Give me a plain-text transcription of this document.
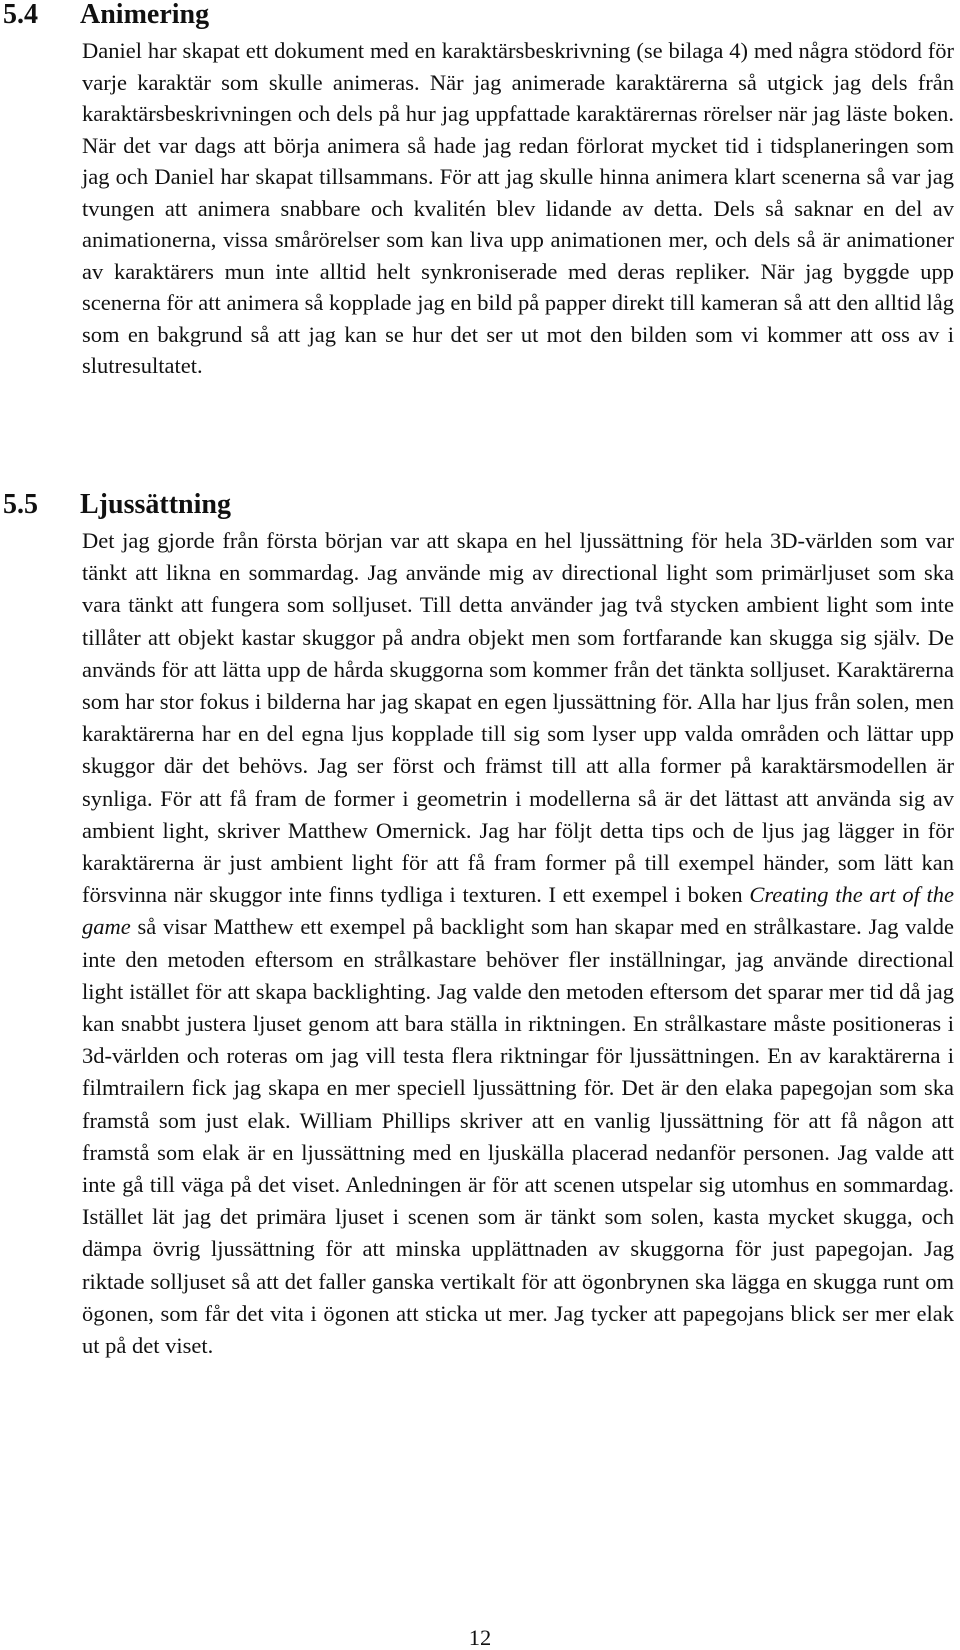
5.4 Animering

Daniel har skapat ett dokument med en karaktärsbeskrivning (se bilaga 4) med några stödord för varje karaktär som skulle animeras. När jag animerade karaktärerna så utgick jag dels från karaktärsbeskrivningen och dels på hur jag uppfattade karaktärernas rörelser när jag läste boken. När det var dags att börja animera så hade jag redan förlorat mycket tid i tidsplaneringen som jag och Daniel har skapat tillsammans. För att jag skulle hinna animera klart scenerna så var jag tvungen att animera snabbare och kvalitén blev lidande av detta. Dels så saknar en del av animationerna, vissa smårörelser som kan liva upp animationen mer, och dels så är animationer av karaktärers mun inte alltid helt synkroniserade med deras repliker. När jag byggde upp scenerna för att animera så kopplade jag en bild på papper direkt till kameran så att den alltid låg som en bakgrund så att jag kan se hur det ser ut mot den bilden som vi kommer att oss av i slutresultatet.

5.5 Ljussättning

Det jag gjorde från första början var att skapa en hel ljussättning för hela 3D-världen som var tänkt att likna en sommardag. Jag använde mig av directional light som primärljuset som ska vara tänkt att fungera som solljuset. Till detta använder jag två stycken ambient light som inte tillåter att objekt kastar skuggor på andra objekt men som fortfarande kan skugga sig själv. De används för att lätta upp de hårda skuggorna som kommer från det tänkta solljuset. Karaktärerna som har stor fokus i bilderna har jag skapat en egen ljussättning för. Alla har ljus från solen, men karaktärerna har en del egna ljus kopplade till sig som lyser upp valda områden och lättar upp skuggor där det behövs. Jag ser först och främst till att alla former på karaktärsmodellen är synliga. För att få fram de former i geometrin i modellerna så är det lättast att använda sig av ambient light, skriver Matthew Omernick. Jag har följt detta tips och de ljus jag lägger in för karaktärerna är just ambient light för att få fram former på till exempel händer, som lätt kan försvinna när skuggor inte finns tydliga i texturen. I ett exempel i boken Creating the art of the game så visar Matthew ett exempel på backlight som han skapar med en strålkastare. Jag valde inte den metoden eftersom en strålkastare behöver fler inställningar, jag använde directional light istället för att skapa backlighting. Jag valde den metoden eftersom det sparar mer tid då jag kan snabbt justera ljuset genom att bara ställa in riktningen. En strålkastare måste positioneras i 3d-världen och roteras om jag vill testa flera riktningar för ljussättningen. En av karaktärerna i filmtrailern fick jag skapa en mer speciell ljussättning för. Det är den elaka papegojan som ska framstå som just elak. William Phillips skriver att en vanlig ljussättning för att få någon att framstå som elak är en ljussättning med en ljuskälla placerad nedanför personen. Jag valde att inte gå till väga på det viset. Anledningen är för att scenen utspelar sig utomhus en sommardag. Istället lät jag det primära ljuset i scenen som är tänkt som solen, kasta mycket skugga, och dämpa övrig ljussättning för att minska upplättnaden av skuggorna för just papegojan. Jag riktade solljuset så att det faller ganska vertikalt för att ögonbrynen ska lägga en skugga runt om ögonen, som får det vita i ögonen att sticka ut mer. Jag tycker att papegojans blick ser mer elak ut på det viset.

12
